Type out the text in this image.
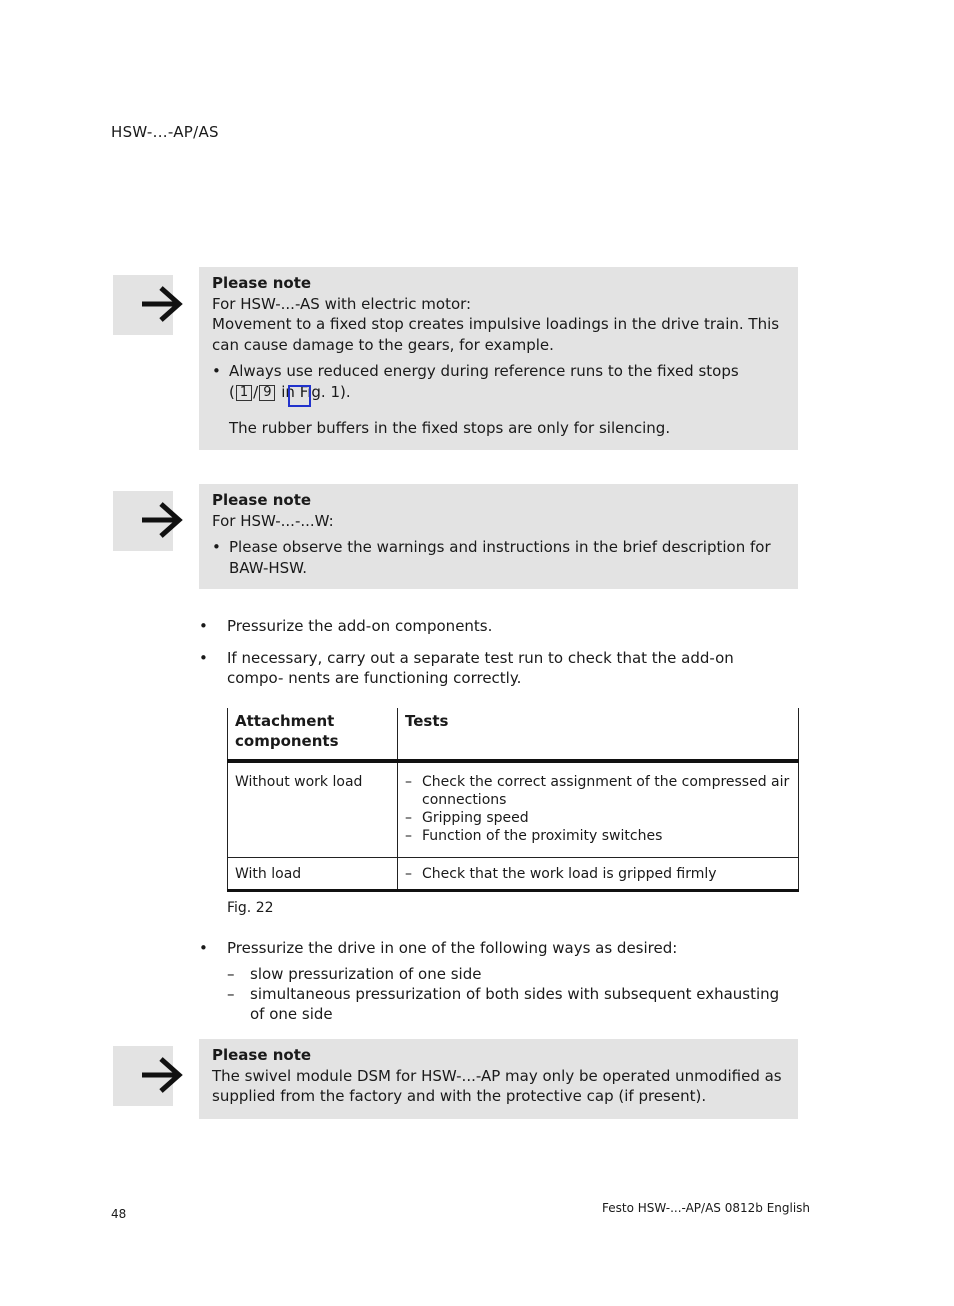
HSW-...-AP/AS
Please note
For HSW-...-AS with electric motor:
Movement to a fixed stop creates impulsive loadings in the drive train. This can cause damage to the gears, for example.
• Always use reduced energy during reference runs to the fixed stops
( 1 / 9 in Fig. 1).
The rubber buffers in the fixed stops are only for silencing.
Please note
For HSW-...-...W:
• Please observe the warnings and instructions in the brief description for BAW-HSW.
• Pressurize the add-on components.
• If necessary, carry out a separate test run to check that the add-on compo- nents are functioning correctly.
Attachment components	Tests
Without work load	– Check the correct assignment of the compressed air connections
– Gripping speed
– Function of the proximity switches

With load	– Check that the work load is gripped firmly
Fig. 22
• Pressurize the drive in one of the following ways as desired:
– slow pressurization of one side
– simultaneous pressurization of both sides with subsequent exhausting of one side
Please note
The swivel module DSM for HSW-...-AP may only be operated unmodified as supplied from the factory and with the protective cap (if present).
48	Festo HSW-...-AP/AS 0812b English
